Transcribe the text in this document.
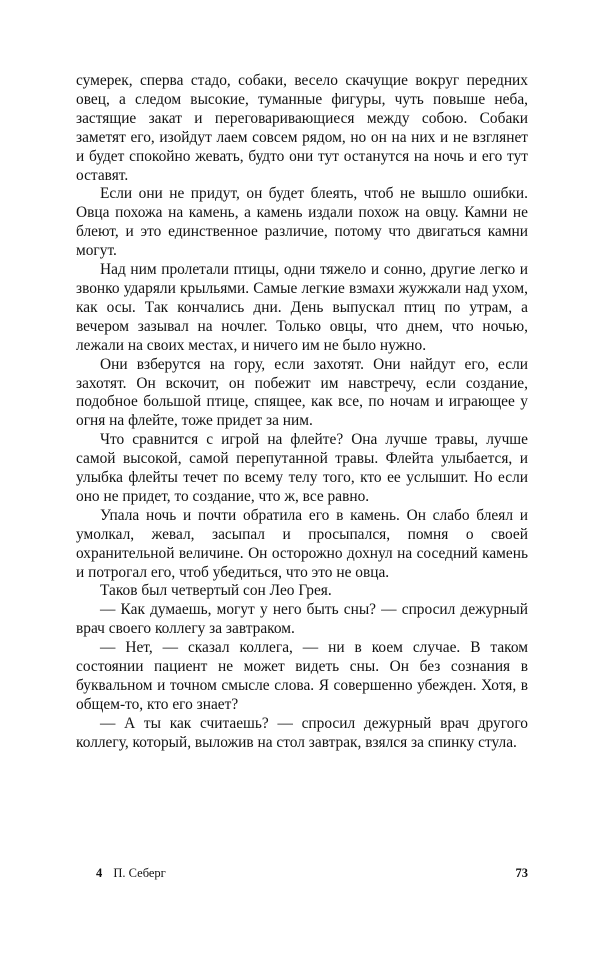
сумерек, сперва стадо, собаки, весело скачущие вокруг передних овец, а следом высокие, туманные фигуры, чуть повыше неба, застящие закат и переговаривающиеся между собою. Собаки заметят его, изойдут лаем совсем рядом, но он на них и не взглянет и будет спокойно жевать, будто они тут останутся на ночь и его тут оставят.

Если они не придут, он будет блеять, чтоб не вышло ошибки. Овца похожа на камень, а камень издали похож на овцу. Камни не блеют, и это единственное различие, потому что двигаться камни могут.

Над ним пролетали птицы, одни тяжело и сонно, другие легко и звонко ударяли крыльями. Самые легкие взмахи жужжали над ухом, как осы. Так кончались дни. День выпускал птиц по утрам, а вечером зазывал на ночлег. Только овцы, что днем, что ночью, лежали на своих местах, и ничего им не было нужно.

Они взберутся на гору, если захотят. Они найдут его, если захотят. Он вскочит, он побежит им навстречу, если создание, подобное большой птице, спящее, как все, по ночам и играющее у огня на флейте, тоже придет за ним.

Что сравнится с игрой на флейте? Она лучше травы, лучше самой высокой, самой перепутанной травы. Флейта улыбается, и улыбка флейты течет по всему телу того, кто ее услышит. Но если оно не придет, то создание, что ж, все равно.

Упала ночь и почти обратила его в камень. Он слабо блеял и умолкал, жевал, засыпал и просыпался, помня о своей охранительной величине. Он осторожно дохнул на соседний камень и потрогал его, чтоб убедиться, что это не овца.

Таков был четвертый сон Лео Грея.

— Как думаешь, могут у него быть сны? — спросил дежурный врач своего коллегу за завтраком.

— Нет, — сказал коллега, — ни в коем случае. В таком состоянии пациент не может видеть сны. Он без сознания в буквальном и точном смысле слова. Я совершенно убежден. Хотя, в общем-то, кто его знает?

— А ты как считаешь? — спросил дежурный врач другого коллегу, который, выложив на стол завтрак, взялся за спинку стула.

4 П. Себерг	73
